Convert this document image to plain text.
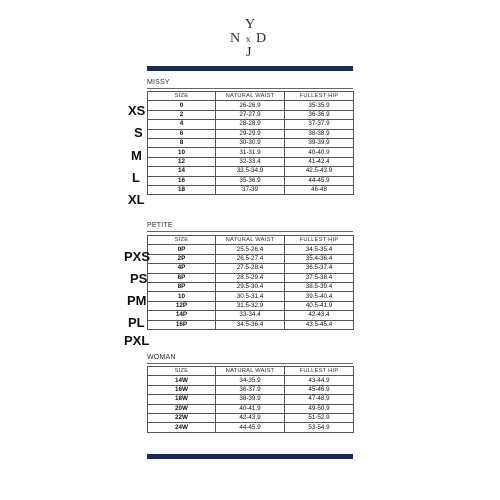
Y
N x D
J
MISSY
SIZE	NATURAL WAIST	FULLEST HIP
0	26-26.9	35-35.9
2	27-27.9	36-36.9
4	28-28.9	37-37.9
6	29-29.9	38-38.9
8	30-30.9	39-39.9
10	31-31.9	40-40.9
12	32-33.4	41-42.4
14	33.5-34.9	42.5-43.9
16	35-36.9	44-45.9
18	37-39	46-48
XS
S
M
L
XL
PETITE
SIZE	NATURAL WAIST	FULLEST HIP
0P	25.5-26.4	34.5-35.4
2P	26.5-27.4	35.4-36.4
4P	27.5-28.4	36.5-37.4
6P	28.5-29.4	37.5-38.4
8P	29.5-30.4	38.5-39.4
10	30.5-31.4	39.5-40.4
12P	31.5-32.9	40.5-41.9
14P	33-34.4	42-43.4
16P	34.5-36.4	43.5-45.4
PXS
PS
PM
PL
PXL
WOMAN
SIZE	NATURAL WAIST	FULLEST HIP
14W	34-35.9	43-44.9
16W	36-37.9	45-46.9
18W	38-39.9	47-48.9
20W	40-41.9	49-50.9
22W	42-43.9	51-52.9
24W	44-45.9	53-54.9
